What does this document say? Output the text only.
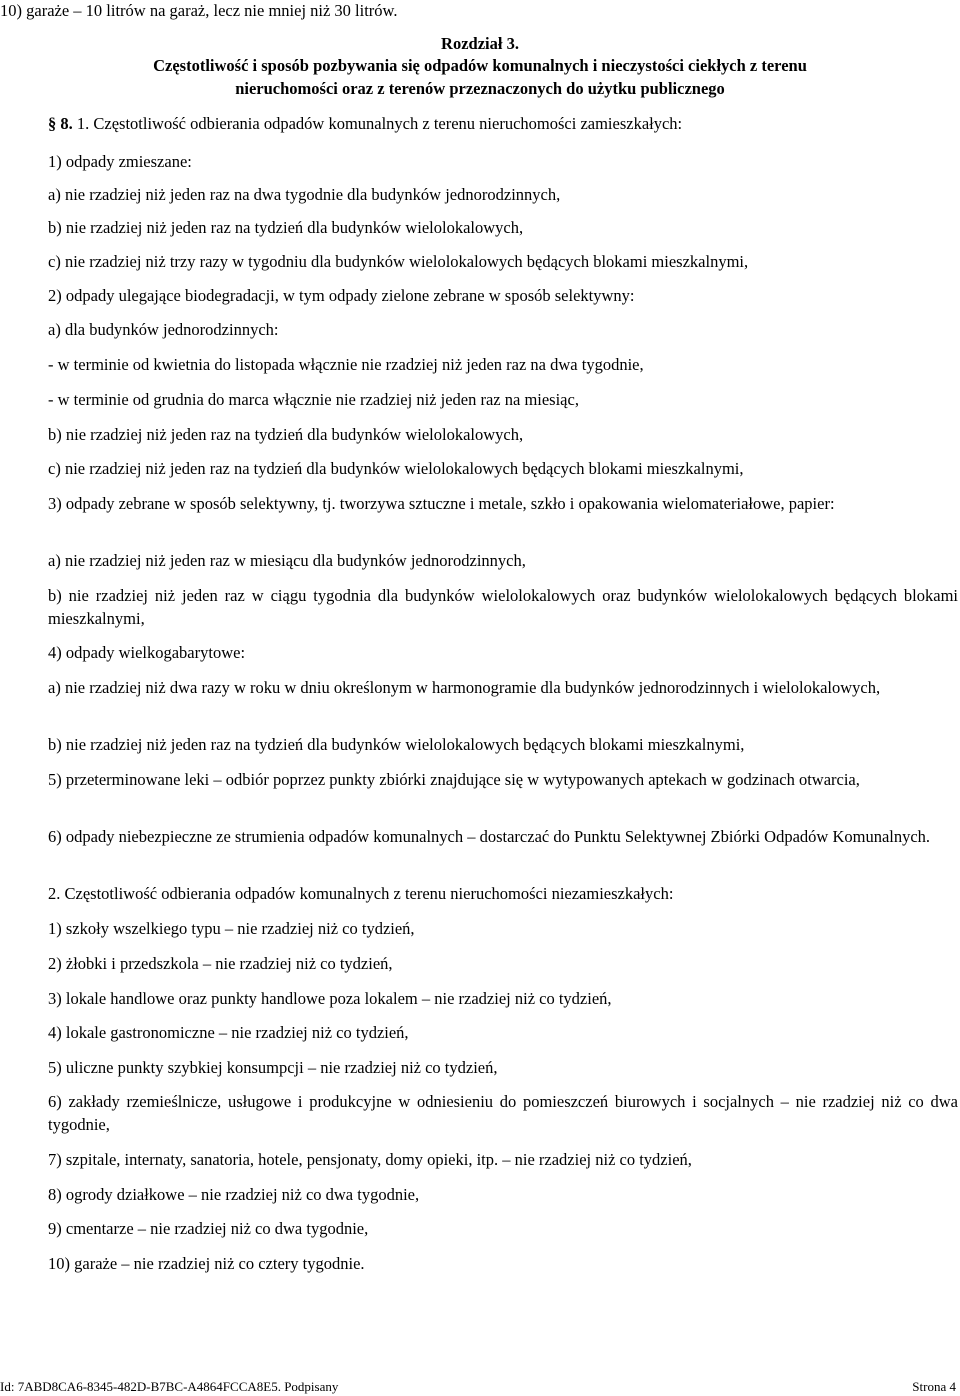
10) garaże – 10 litrów na garaż, lecz nie mniej niż 30 litrów.
Rozdział 3.
Częstotliwość i sposób pozbywania się odpadów komunalnych i nieczystości ciekłych z terenu
nieruchomości oraz z terenów przeznaczonych do użytku publicznego
§ 8. 1. Częstotliwość odbierania odpadów komunalnych z terenu nieruchomości zamieszkałych:
1) odpady zmieszane:
a) nie rzadziej niż jeden raz na dwa tygodnie dla budynków jednorodzinnych,
b) nie rzadziej niż jeden raz na tydzień dla budynków wielolokalowych,
c) nie rzadziej niż trzy razy w tygodniu dla budynków wielolokalowych będących blokami mieszkalnymi,
2) odpady ulegające biodegradacji, w tym odpady zielone zebrane w sposób selektywny:
a) dla budynków jednorodzinnych:
- w terminie od kwietnia do listopada włącznie nie rzadziej niż jeden raz na dwa tygodnie,
- w terminie od grudnia do marca włącznie nie rzadziej niż jeden raz na miesiąc,
b) nie rzadziej niż jeden raz na tydzień dla budynków wielolokalowych,
c) nie rzadziej niż jeden raz na tydzień dla budynków wielolokalowych będących blokami mieszkalnymi,
3) odpady zebrane w sposób selektywny, tj. tworzywa sztuczne i metale, szkło i opakowania wielomateriałowe, papier:
a) nie rzadziej niż jeden raz w miesiącu dla budynków jednorodzinnych,
b) nie rzadziej niż jeden raz w ciągu tygodnia dla budynków wielolokalowych oraz budynków wielolokalowych będących blokami mieszkalnymi,
4) odpady wielkogabarytowe:
a) nie rzadziej niż dwa razy w roku w dniu określonym w harmonogramie dla budynków jednorodzinnych i wielolokalowych,
b) nie rzadziej niż jeden raz na tydzień dla budynków wielolokalowych będących blokami mieszkalnymi,
5) przeterminowane leki – odbiór poprzez punkty zbiórki znajdujące się w wytypowanych aptekach w godzinach otwarcia,
6) odpady niebezpieczne ze strumienia odpadów komunalnych – dostarczać do Punktu Selektywnej Zbiórki Odpadów Komunalnych.
2. Częstotliwość odbierania odpadów komunalnych z terenu nieruchomości niezamieszkałych:
1) szkoły wszelkiego typu – nie rzadziej niż co tydzień,
2) żłobki i przedszkola – nie rzadziej niż co tydzień,
3) lokale handlowe oraz punkty handlowe poza lokalem – nie rzadziej niż co tydzień,
4) lokale gastronomiczne – nie rzadziej niż co tydzień,
5) uliczne punkty szybkiej konsumpcji – nie rzadziej niż co tydzień,
6) zakłady rzemieślnicze, usługowe i produkcyjne w odniesieniu do pomieszczeń biurowych i socjalnych – nie rzadziej niż co dwa tygodnie,
7) szpitale, internaty, sanatoria, hotele, pensjonaty, domy opieki, itp. – nie rzadziej niż co tydzień,
8) ogrody działkowe – nie rzadziej niż co dwa tygodnie,
9) cmentarze – nie rzadziej niż co dwa tygodnie,
10) garaże – nie rzadziej niż co cztery tygodnie.
Id: 7ABD8CA6-8345-482D-B7BC-A4864FCCA8E5. Podpisany	Strona 4
